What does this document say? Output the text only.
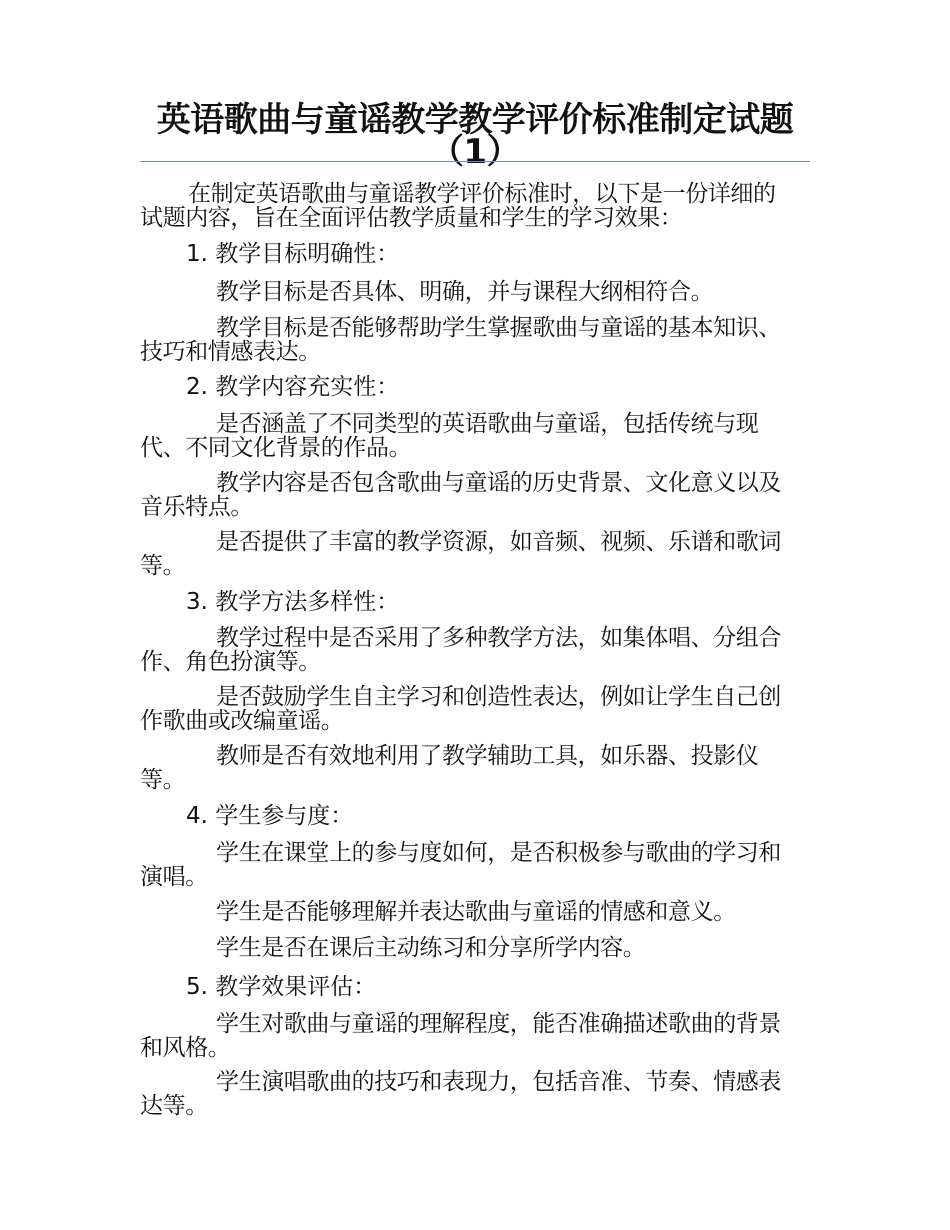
英语歌曲与童谣教学教学评价标准制定试题（1）
在制定英语歌曲与童谣教学评价标准时，以下是一份详细的试题内容，旨在全面评估教学质量和学生的学习效果：
1. 教学目标明确性：
教学目标是否具体、明确，并与课程大纲相符合。
教学目标是否能够帮助学生掌握歌曲与童谣的基本知识、技巧和情感表达。
2. 教学内容充实性：
是否涵盖了不同类型的英语歌曲与童谣，包括传统与现代、不同文化背景的作品。
教学内容是否包含歌曲与童谣的历史背景、文化意义以及音乐特点。
是否提供了丰富的教学资源，如音频、视频、乐谱和歌词等。
3. 教学方法多样性：
教学过程中是否采用了多种教学方法，如集体唱、分组合作、角色扮演等。
是否鼓励学生自主学习和创造性表达，例如让学生自己创作歌曲或改编童谣。
教师是否有效地利用了教学辅助工具，如乐器、投影仪等。
4. 学生参与度：
学生在课堂上的参与度如何，是否积极参与歌曲的学习和演唱。
学生是否能够理解并表达歌曲与童谣的情感和意义。
学生是否在课后主动练习和分享所学内容。
5. 教学效果评估：
学生对歌曲与童谣的理解程度，能否准确描述歌曲的背景和风格。
学生演唱歌曲的技巧和表现力，包括音准、节奏、情感表达等。
